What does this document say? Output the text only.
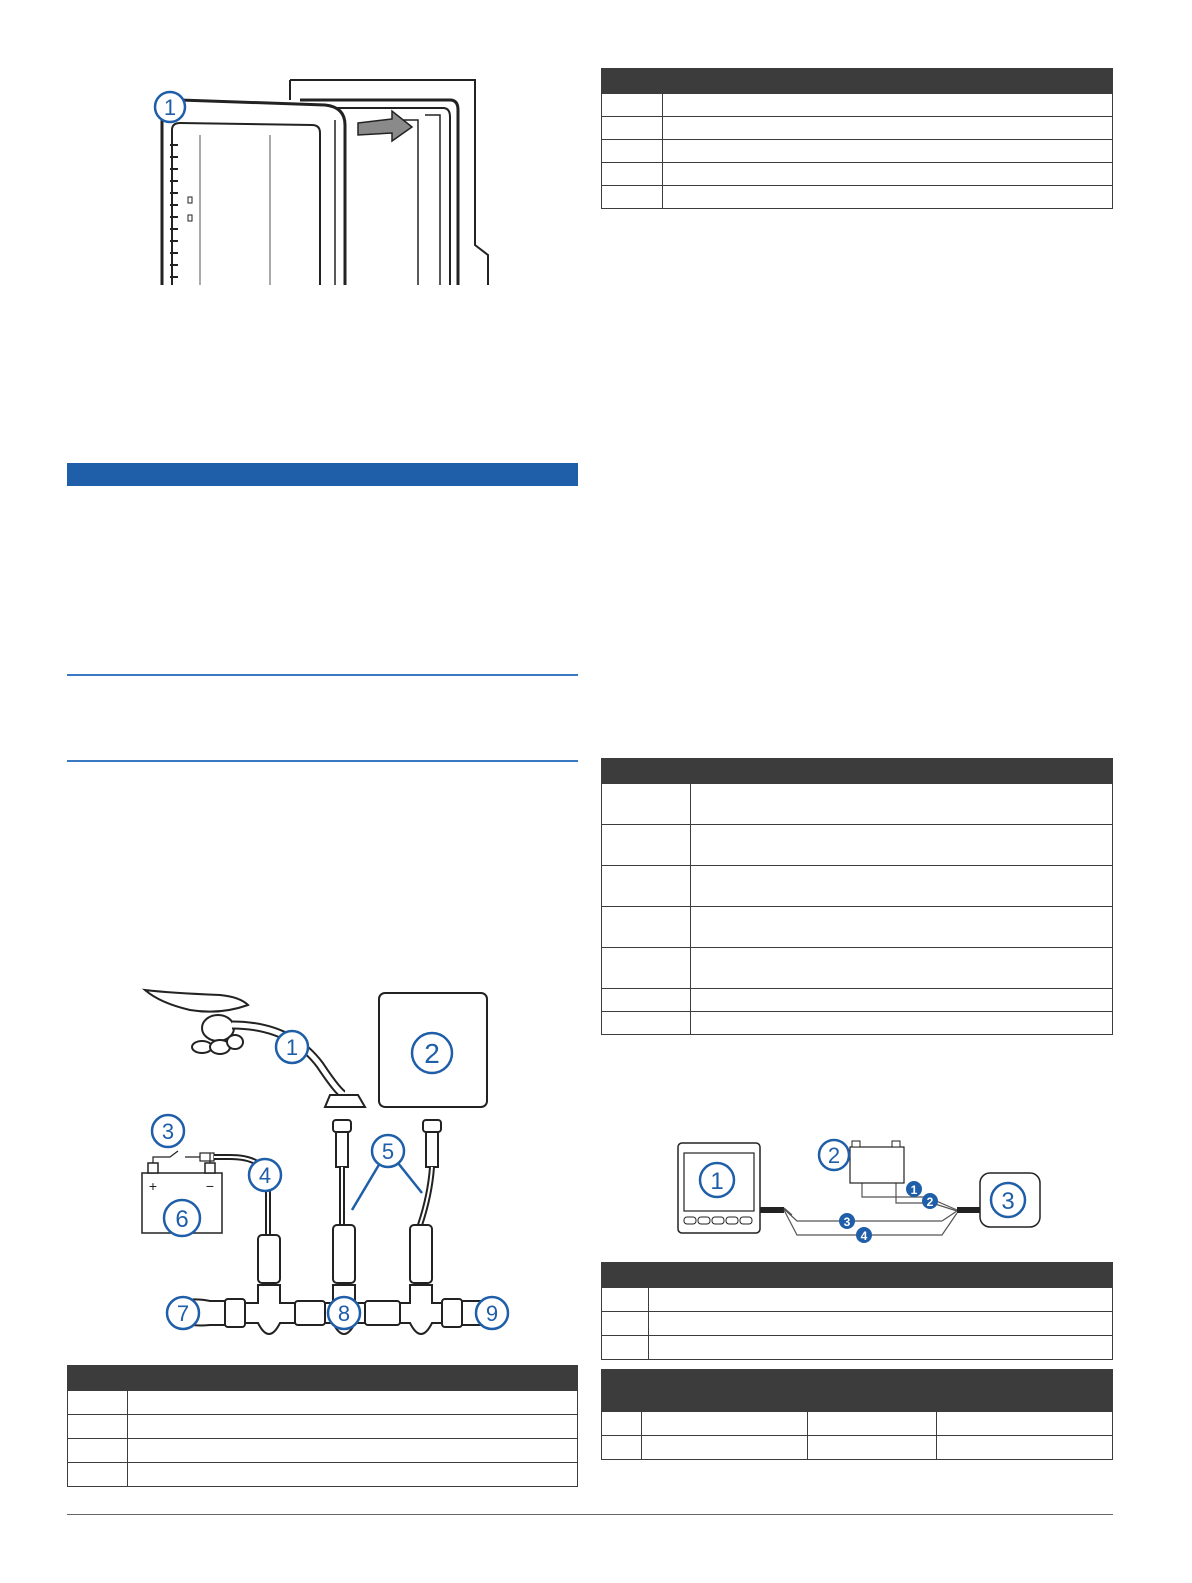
1
+	−
1	2
3
4
5
6
7	8	9

1
2
3
1
2
3
4
